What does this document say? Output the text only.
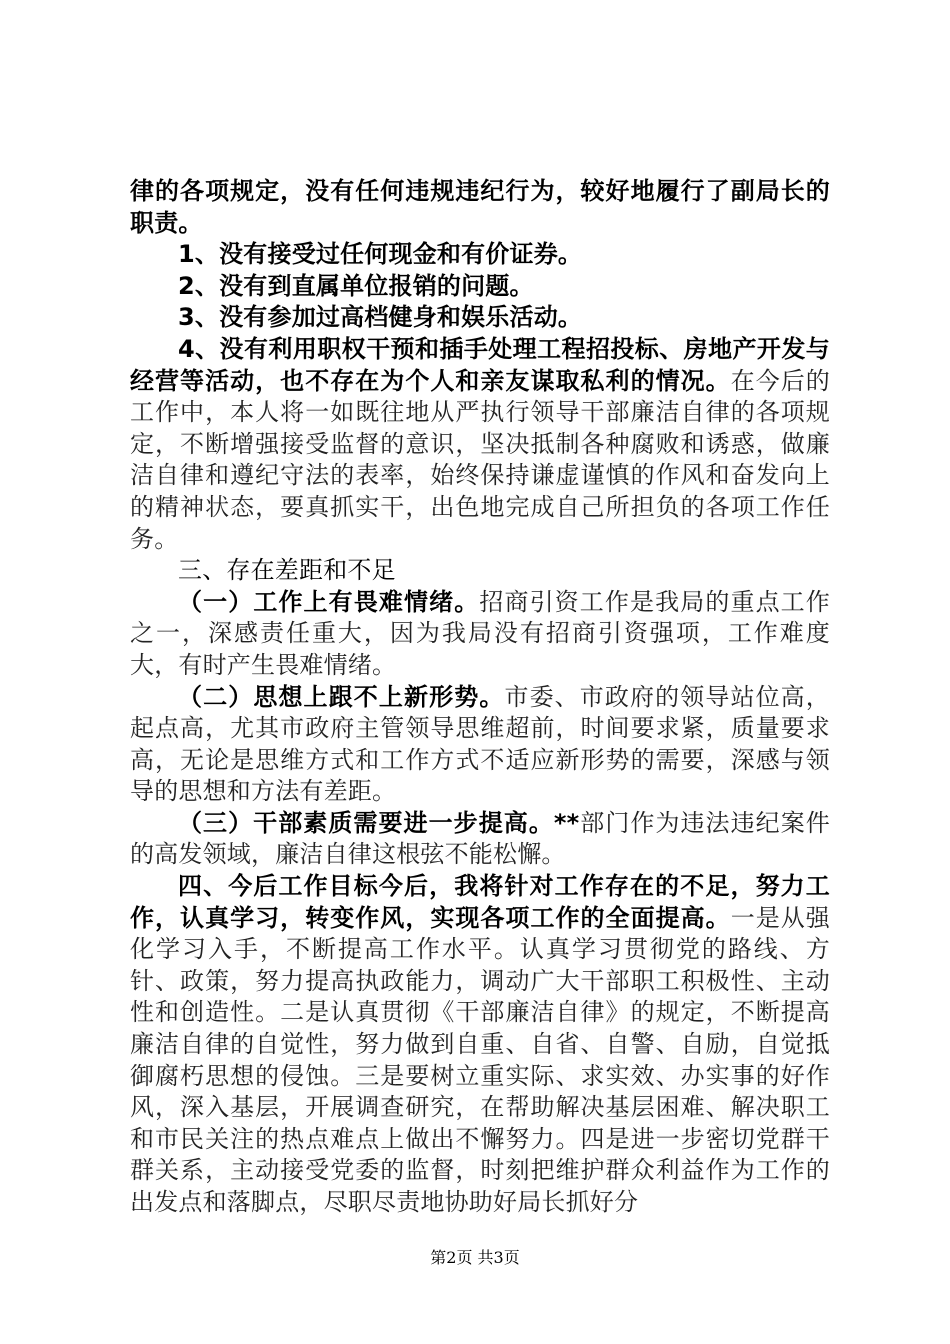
律的各项规定，没有任何违规违纪行为，较好地履行了副局长的职责。

1、没有接受过任何现金和有价证券。

2、没有到直属单位报销的问题。

3、没有参加过高档健身和娱乐活动。

4、没有利用职权干预和插手处理工程招投标、房地产开发与经营等活动，也不存在为个人和亲友谋取私利的情况。在今后的工作中，本人将一如既往地从严执行领导干部廉洁自律的各项规定，不断增强接受监督的意识，坚决抵制各种腐败和诱惑，做廉洁自律和遵纪守法的表率，始终保持谦虚谨慎的作风和奋发向上的精神状态，要真抓实干，出色地完成自己所担负的各项工作任务。

三、存在差距和不足

（一）工作上有畏难情绪。招商引资工作是我局的重点工作之一，深感责任重大，因为我局没有招商引资强项，工作难度大，有时产生畏难情绪。

（二）思想上跟不上新形势。市委、市政府的领导站位高，起点高，尤其市政府主管领导思维超前，时间要求紧，质量要求高，无论是思维方式和工作方式不适应新形势的需要，深感与领导的思想和方法有差距。

（三）干部素质需要进一步提高。**部门作为违法违纪案件的高发领域，廉洁自律这根弦不能松懈。

四、今后工作目标今后，我将针对工作存在的不足，努力工作，认真学习，转变作风，实现各项工作的全面提高。一是从强化学习入手，不断提高工作水平。认真学习贯彻党的路线、方针、政策，努力提高执政能力，调动广大干部职工积极性、主动性和创造性。二是认真贯彻《干部廉洁自律》的规定，不断提高廉洁自律的自觉性，努力做到自重、自省、自警、自励，自觉抵御腐朽思想的侵蚀。三是要树立重实际、求实效、办实事的好作风，深入基层，开展调查研究，在帮助解决基层困难、解决职工和市民关注的热点难点上做出不懈努力。四是进一步密切党群干群关系，主动接受党委的监督，时刻把维护群众利益作为工作的出发点和落脚点，尽职尽责地协助好局长抓好分

第2页 共3页
